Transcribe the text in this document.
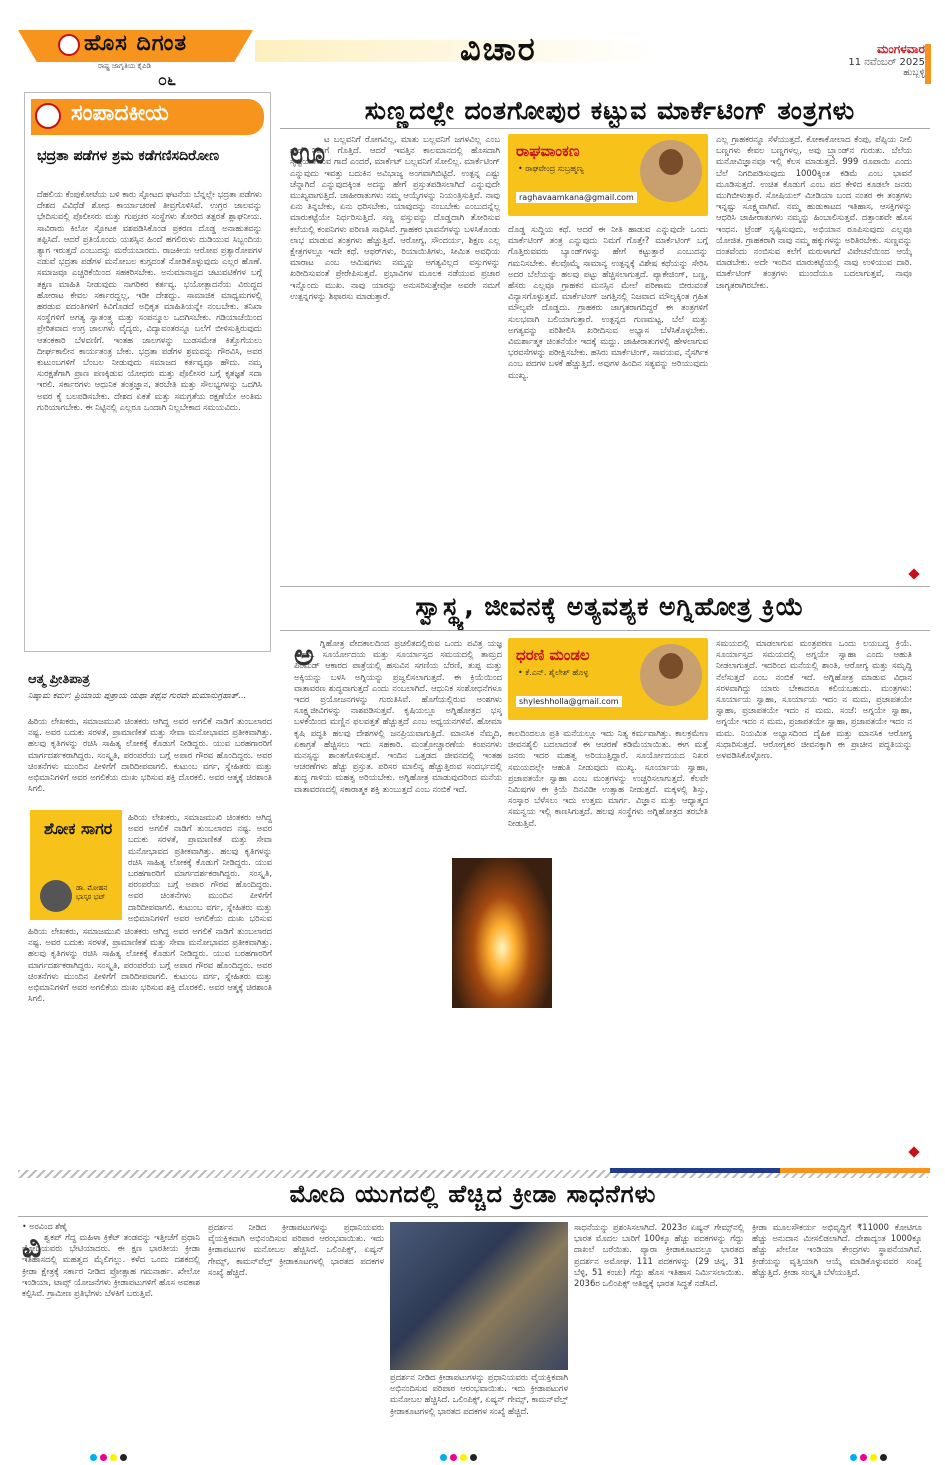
ಹೊಸ ದಿಗಂತ
ರಾಷ್ಟ್ರ ಜಾಗೃತಿಯ ಕೈಪಿಡಿ
೦೬
ವಿಚಾರ	ಮಂಗಳವಾರ
11 ನವೆಂಬರ್ 2025
ಹುಬ್ಬಳ್ಳಿ
ಸಂಪಾದಕೀಯ
ಭದ್ರತಾ ಪಡೆಗಳ ಶ್ರಮ ಕಡೆಗಣಿಸದಿರೋಣ
ದೆಹಲಿಯ ಕೆಂಪುಕೋಟೆಯ ಬಳಿ ಕಾರು ಸ್ಫೋಟದ ಘಟನೆಯ ಬೆನ್ನಲ್ಲೇ ಭದ್ರತಾ ಪಡೆಗಳು ದೇಶದ ವಿವಿಧೆಡೆ ಶೋಧ ಕಾರ್ಯಾಚರಣೆ ತೀವ್ರಗೊಳಿಸಿವೆ. ಉಗ್ರರ ಜಾಲವನ್ನು ಭೇದಿಸುವಲ್ಲಿ ಪೊಲೀಸರು ಮತ್ತು ಗುಪ್ತಚರ ಸಂಸ್ಥೆಗಳು ತೋರಿದ ತತ್ಪರತೆ ಶ್ಲಾಘನೀಯ. ಸಾವಿರಾರು ಕಿಲೋ ಸ್ಫೋಟಕ ವಶಪಡಿಸಿಕೊಂಡ ಪ್ರಕರಣ ದೊಡ್ಡ ಅನಾಹುತವನ್ನು ತಪ್ಪಿಸಿದೆ. ಆದರೆ ಪ್ರತಿಯೊಂದು ಯಶಸ್ಸಿನ ಹಿಂದೆ ಹಗಲಿರುಳು ದುಡಿಯುವ ಸಿಬ್ಬಂದಿಯ ತ್ಯಾಗ ಇರುತ್ತದೆ ಎಂಬುದನ್ನು ಮರೆಯಬಾರದು. ರಾಜಕೀಯ ಆರೋಪ ಪ್ರತ್ಯಾರೋಪಗಳ ನಡುವೆ ಭದ್ರತಾ ಪಡೆಗಳ ಮನೋಬಲ ಕುಗ್ಗದಂತೆ ನೋಡಿಕೊಳ್ಳುವುದು ಎಲ್ಲರ ಹೊಣೆ. ಸಮಾಜವೂ ಎಚ್ಚರಿಕೆಯಿಂದ ಸಹಕರಿಸಬೇಕು. ಅನುಮಾನಾಸ್ಪದ ಚಟುವಟಿಕೆಗಳ ಬಗ್ಗೆ ತಕ್ಷಣ ಮಾಹಿತಿ ನೀಡುವುದು ನಾಗರಿಕರ ಕರ್ತವ್ಯ. ಭಯೋತ್ಪಾದನೆಯ ವಿರುದ್ಧದ ಹೋರಾಟ ಕೇವಲ ಸರ್ಕಾರದ್ದಲ್ಲ, ಇಡೀ ದೇಶದ್ದು. ಸಾಮಾಜಿಕ ಮಾಧ್ಯಮಗಳಲ್ಲಿ ಹರಡುವ ವದಂತಿಗಳಿಗೆ ಕಿವಿಗೊಡದೆ ಅಧಿಕೃತ ಮಾಹಿತಿಯನ್ನೇ ನಂಬಬೇಕು. ತನಿಖಾ ಸಂಸ್ಥೆಗಳಿಗೆ ಅಗತ್ಯ ಸ್ವಾತಂತ್ರ್ಯ ಮತ್ತು ಸಂಪನ್ಮೂಲ ಒದಗಿಸಬೇಕು. ಗಡಿಯಾಚೆಯಿಂದ ಪ್ರೇರಿತವಾದ ಉಗ್ರ ಜಾಲಗಳು ವೈದ್ಯರು, ವಿದ್ಯಾವಂತರನ್ನೂ ಬಲೆಗೆ ಬೀಳಿಸುತ್ತಿರುವುದು ಆತಂಕಕಾರಿ ಬೆಳವಣಿಗೆ. ಇಂತಹ ಜಾಲಗಳನ್ನು ಬುಡಸಮೇತ ಕಿತ್ತೊಗೆಯಲು ದೀರ್ಘಕಾಲೀನ ಕಾರ್ಯತಂತ್ರ ಬೇಕು. ಭದ್ರತಾ ಪಡೆಗಳ ಶ್ರಮವನ್ನು ಗೌರವಿಸಿ, ಅವರ ಕುಟುಂಬಗಳಿಗೆ ಬೆಂಬಲ ನೀಡುವುದು ಸಮಾಜದ ಕರ್ತವ್ಯವೂ ಹೌದು. ನಮ್ಮ ಸುರಕ್ಷತೆಗಾಗಿ ಪ್ರಾಣ ಪಣಕ್ಕಿಡುವ ಯೋಧರು ಮತ್ತು ಪೊಲೀಸರ ಬಗ್ಗೆ ಕೃತಜ್ಞತೆ ಸದಾ ಇರಲಿ. ಸರ್ಕಾರಗಳು ಆಧುನಿಕ ತಂತ್ರಜ್ಞಾನ, ತರಬೇತಿ ಮತ್ತು ಸೌಲಭ್ಯಗಳನ್ನು ಒದಗಿಸಿ ಅವರ ಕೈ ಬಲಪಡಿಸಬೇಕು. ದೇಶದ ಏಕತೆ ಮತ್ತು ಸಮಗ್ರತೆಯ ರಕ್ಷಣೆಯೇ ಅಂತಿಮ ಗುರಿಯಾಗಬೇಕು. ಈ ನಿಟ್ಟಿನಲ್ಲಿ ಎಲ್ಲರೂ ಒಂದಾಗಿ ನಿಲ್ಲಬೇಕಾದ ಸಮಯವಿದು.
ಸುಣ್ಣದಲ್ಲೇ ದಂತಗೋಪುರ ಕಟ್ಟುವ ಮಾರ್ಕೆಟಿಂಗ್ ತಂತ್ರಗಳು
ಊ
ಟ ಬಲ್ಲವನಿಗೆ ರೋಗವಿಲ್ಲ, ಮಾತು ಬಲ್ಲವನಿಗೆ ಜಗಳವಿಲ್ಲ ಎಂಬ ಗಾದೆ ನಿಮಗೆ ಗೊತ್ತಿದೆ. ಆದರೆ ಇವತ್ತಿನ ಕಾಲಮಾನದಲ್ಲಿ ಹೊಸದಾಗಿ ಸೃಷ್ಟಿಯಾಗಿರುವ ಗಾದೆ ಎಂದರೆ, ಮಾರ್ಕೆಟ್ ಬಲ್ಲವನಿಗೆ ಸೋಲಿಲ್ಲ. ಮಾರ್ಕೆಟಿಂಗ್ ಎನ್ನುವುದು ಇವತ್ತು ಬದುಕಿನ ಅವಿಭಾಜ್ಯ ಅಂಗವಾಗಿಬಿಟ್ಟಿದೆ. ಉತ್ಪನ್ನ ಎಷ್ಟು ಚೆನ್ನಾಗಿದೆ ಎನ್ನುವುದಕ್ಕಿಂತ ಅದನ್ನು ಹೇಗೆ ಪ್ರಸ್ತುತಪಡಿಸಲಾಗಿದೆ ಎನ್ನುವುದೇ ಮುಖ್ಯವಾಗುತ್ತಿದೆ. ಜಾಹೀರಾತುಗಳು ನಮ್ಮ ಆಯ್ಕೆಗಳನ್ನು ನಿಯಂತ್ರಿಸುತ್ತಿವೆ. ನಾವು ಏನು ತಿನ್ನಬೇಕು, ಏನು ಧರಿಸಬೇಕು, ಯಾವುದನ್ನು ನಂಬಬೇಕು ಎಂಬುದನ್ನೆಲ್ಲ ಮಾರುಕಟ್ಟೆಯೇ ನಿರ್ಧರಿಸುತ್ತಿದೆ. ಸಣ್ಣ ವಸ್ತುವನ್ನು ದೊಡ್ಡದಾಗಿ ತೋರಿಸುವ ಕಲೆಯಲ್ಲಿ ಕಂಪನಿಗಳು ಪರಿಣತಿ ಸಾಧಿಸಿವೆ. ಗ್ರಾಹಕರ ಭಾವನೆಗಳನ್ನು ಬಳಸಿಕೊಂಡು ಲಾಭ ಮಾಡುವ ತಂತ್ರಗಳು ಹೆಚ್ಚುತ್ತಿವೆ. ಆರೋಗ್ಯ, ಸೌಂದರ್ಯ, ಶಿಕ್ಷಣ ಎಲ್ಲ ಕ್ಷೇತ್ರಗಳಲ್ಲೂ ಇದೇ ಕಥೆ. ಆಫರ್‌ಗಳು, ರಿಯಾಯಿತಿಗಳು, ಸೀಮಿತ ಅವಧಿಯ ಮಾರಾಟ ಎಂಬ ಆಮಿಷಗಳು ನಮ್ಮನ್ನು ಅಗತ್ಯವಿಲ್ಲದ ವಸ್ತುಗಳನ್ನು ಖರೀದಿಸುವಂತೆ ಪ್ರೇರೇಪಿಸುತ್ತವೆ. ಪ್ರಭಾವಿಗಳ ಮೂಲಕ ನಡೆಯುವ ಪ್ರಚಾರ ಇನ್ನೊಂದು ಮುಖ. ನಾವು ಯಾರನ್ನು ಅನುಸರಿಸುತ್ತೇವೋ ಅವರೇ ನಮಗೆ ಉತ್ಪನ್ನಗಳನ್ನು ಶಿಫಾರಸು ಮಾಡುತ್ತಾರೆ.
ರಾಘವಾಂಕಣ
• ರಾಘವೇಂದ್ರ ಸುಬ್ರಹ್ಮಣ್ಯ
raghavaamkana@gmail.com
ದೊಡ್ಡ ಸುದ್ದಿಯ ಕಥೆ. ಆದರೆ ಈ ನೀತಿ ಹಾಡುವ ಎನ್ನುವುದೇ ಒಂದು ಮಾರ್ಕೆಟಿಂಗ್ ತಂತ್ರ ಎನ್ನುವುದು ನಿಮಗೆ ಗೊತ್ತೇ? ಮಾರ್ಕೆಟಿಂಗ್ ಬಗ್ಗೆ ಗೊತ್ತಿರುವವರು ಬ್ಯಾಂಡ್‌ಗಳನ್ನು ಹೇಗೆ ಕಟ್ಟುತ್ತಾರೆ ಎಂಬುದನ್ನು ಗಮನಿಸಬೇಕು. ಕೆಲವೊಮ್ಮೆ ಸಾಮಾನ್ಯ ಉತ್ಪನ್ನಕ್ಕೆ ವಿಶೇಷ ಕಥೆಯನ್ನು ಸೇರಿಸಿ ಅದರ ಬೆಲೆಯನ್ನು ಹಲವು ಪಟ್ಟು ಹೆಚ್ಚಿಸಲಾಗುತ್ತದೆ. ಪ್ಯಾಕೇಜಿಂಗ್, ಬಣ್ಣ, ಹೆಸರು ಎಲ್ಲವೂ ಗ್ರಾಹಕನ ಮನಸ್ಸಿನ ಮೇಲೆ ಪರಿಣಾಮ ಬೀರುವಂತೆ ವಿನ್ಯಾಸಗೊಳ್ಳುತ್ತವೆ. ಮಾರ್ಕೆಟಿಂಗ್ ಜಗತ್ತಿನಲ್ಲಿ ನಿಜವಾದ ಮೌಲ್ಯಕ್ಕಿಂತ ಗ್ರಹಿತ ಮೌಲ್ಯವೇ ದೊಡ್ಡದು. ಗ್ರಾಹಕರು ಜಾಗೃತರಾಗದಿದ್ದರೆ ಈ ತಂತ್ರಗಳಿಗೆ ಸುಲಭವಾಗಿ ಬಲಿಯಾಗುತ್ತಾರೆ. ಉತ್ಪನ್ನದ ಗುಣಮಟ್ಟ, ಬೆಲೆ ಮತ್ತು ಅಗತ್ಯವನ್ನು ಪರಿಶೀಲಿಸಿ ಖರೀದಿಸುವ ಅಭ್ಯಾಸ ಬೆಳೆಸಿಕೊಳ್ಳಬೇಕು. ವಿಮರ್ಶಾತ್ಮಕ ಚಿಂತನೆಯೇ ಇದಕ್ಕೆ ಮದ್ದು. ಜಾಹೀರಾತುಗಳಲ್ಲಿ ಹೇಳಲಾಗುವ ಭರವಸೆಗಳನ್ನು ಪರೀಕ್ಷಿಸಬೇಕು. ಹಸಿರು ಮಾರ್ಕೆಟಿಂಗ್, ಸಾವಯವ, ನೈಸರ್ಗಿಕ ಎಂಬ ಪದಗಳ ಬಳಕೆ ಹೆಚ್ಚುತ್ತಿದೆ. ಅವುಗಳ ಹಿಂದಿನ ಸತ್ಯವನ್ನು ಅರಿಯುವುದು ಮುಖ್ಯ.
ಎಲ್ಲ ಗ್ರಾಹಕರನ್ನೂ ಸೆಳೆಯುತ್ತದೆ. ಕೋಕಾಕೋಲಾದ ಕೆಂಪು, ಪೆಪ್ಸಿಯ ನೀಲಿ ಬಣ್ಣಗಳು ಕೇವಲ ಬಣ್ಣಗಳಲ್ಲ, ಅವು ಬ್ರ್ಯಾಂಡ್‌ನ ಗುರುತು. ಬೆಲೆಯ ಮನೋವಿಜ್ಞಾನವೂ ಇಲ್ಲಿ ಕೆಲಸ ಮಾಡುತ್ತದೆ. 999 ರೂಪಾಯಿ ಎಂದು ಬೆಲೆ ನಿಗದಿಪಡಿಸುವುದು 1000ಕ್ಕಿಂತ ಕಡಿಮೆ ಎಂಬ ಭಾವನೆ ಮೂಡಿಸುತ್ತದೆ. ಉಚಿತ ಕೊಡುಗೆ ಎಂಬ ಪದ ಕೇಳಿದ ಕೂಡಲೇ ಜನರು ಮುಗಿಬೀಳುತ್ತಾರೆ. ಸೋಷಿಯಲ್ ಮೀಡಿಯಾ ಬಂದ ನಂತರ ಈ ತಂತ್ರಗಳು ಇನ್ನಷ್ಟು ಸೂಕ್ಷ್ಮವಾಗಿವೆ. ನಮ್ಮ ಹುಡುಕಾಟದ ಇತಿಹಾಸ, ಆಸಕ್ತಿಗಳನ್ನು ಆಧರಿಸಿ ಜಾಹೀರಾತುಗಳು ನಮ್ಮನ್ನು ಹಿಂಬಾಲಿಸುತ್ತವೆ. ದತ್ತಾಂಶವೇ ಹೊಸ ಇಂಧನ. ಟ್ರೆಂಡ್ ಸೃಷ್ಟಿಸುವುದು, ಅಭಿಯಾನ ರೂಪಿಸುವುದು ಎಲ್ಲವೂ ಯೋಜಿತ. ಗ್ರಾಹಕರಾಗಿ ನಾವು ನಮ್ಮ ಹಕ್ಕುಗಳನ್ನು ಅರಿತಿರಬೇಕು. ಸುಣ್ಣವನ್ನು ದಂತವೆಂದು ನಂಬಿಸುವ ಕಲೆಗೆ ಮರುಳಾಗದೆ ವಿವೇಚನೆಯಿಂದ ಆಯ್ಕೆ ಮಾಡಬೇಕು. ಅದೇ ಇಂದಿನ ಮಾರುಕಟ್ಟೆಯಲ್ಲಿ ನಾವು ಉಳಿಯುವ ದಾರಿ. ಮಾರ್ಕೆಟಿಂಗ್ ತಂತ್ರಗಳು ಮುಂದೆಯೂ ಬದಲಾಗುತ್ತವೆ, ನಾವೂ ಜಾಗೃತರಾಗಿರಬೇಕು.
ಸ್ವಾಸ್ಥ್ಯ, ಜೀವನಕ್ಕೆ ಅತ್ಯವಶ್ಯಕ ಅಗ್ನಿಹೋತ್ರ ಕ್ರಿಯೆ
ಅ ಗ್ನಿಹೋತ್ರ ವೇದಕಾಲದಿಂದ ಪ್ರಚಲಿತದಲ್ಲಿರುವ ಒಂದು ಪವಿತ್ರ ಯಜ್ಞ ವಿಧಾನ. ಸೂರ್ಯೋದಯ ಮತ್ತು ಸೂರ್ಯಾಸ್ತದ ಸಮಯದಲ್ಲಿ ತಾಮ್ರದ ಪಿರಮಿಡ್ ಆಕಾರದ ಪಾತ್ರೆಯಲ್ಲಿ ಹಸುವಿನ ಸಗಣಿಯ ಬೆರಣಿ, ತುಪ್ಪ ಮತ್ತು ಅಕ್ಕಿಯನ್ನು ಬಳಸಿ ಅಗ್ನಿಯನ್ನು ಪ್ರಜ್ವಲಿಸಲಾಗುತ್ತದೆ. ಈ ಕ್ರಿಯೆಯಿಂದ ವಾತಾವರಣ ಶುದ್ಧವಾಗುತ್ತದೆ ಎಂದು ನಂಬಲಾಗಿದೆ. ಆಧುನಿಕ ಸಂಶೋಧನೆಗಳೂ ಇದರ ಪ್ರಯೋಜನಗಳನ್ನು ಗುರುತಿಸಿವೆ. ಹೊಗೆಯಲ್ಲಿರುವ ಅಂಶಗಳು ಸೂಕ್ಷ್ಮಜೀವಿಗಳನ್ನು ನಾಶಪಡಿಸುತ್ತವೆ. ಕೃಷಿಯಲ್ಲೂ ಅಗ್ನಿಹೋತ್ರದ ಭಸ್ಮ ಬಳಕೆಯಿಂದ ಮಣ್ಣಿನ ಫಲವತ್ತತೆ ಹೆಚ್ಚುತ್ತದೆ ಎಂಬ ಅಧ್ಯಯನಗಳಿವೆ. ಹೋಮಾ ಕೃಷಿ ಪದ್ಧತಿ ಹಲವು ದೇಶಗಳಲ್ಲಿ ಜನಪ್ರಿಯವಾಗುತ್ತಿದೆ. ಮಾನಸಿಕ ನೆಮ್ಮದಿ, ಏಕಾಗ್ರತೆ ಹೆಚ್ಚಿಸಲು ಇದು ಸಹಕಾರಿ. ಮಂತ್ರೋಚ್ಚಾರಣೆಯ ಕಂಪನಗಳು ಮನಸ್ಸನ್ನು ಶಾಂತಗೊಳಿಸುತ್ತವೆ. ಇಂದಿನ ಒತ್ತಡದ ಜೀವನದಲ್ಲಿ ಇಂತಹ ಆಚರಣೆಗಳು ಹೆಚ್ಚು ಪ್ರಸ್ತುತ. ಪರಿಸರ ಮಾಲಿನ್ಯ ಹೆಚ್ಚುತ್ತಿರುವ ಸಂದರ್ಭದಲ್ಲಿ ಶುದ್ಧ ಗಾಳಿಯ ಮಹತ್ವ ಅರಿಯಬೇಕು. ಅಗ್ನಿಹೋತ್ರ ಮಾಡುವುದರಿಂದ ಮನೆಯ ವಾತಾವರಣದಲ್ಲಿ ಸಕಾರಾತ್ಮಕ ಶಕ್ತಿ ತುಂಬುತ್ತದೆ ಎಂಬ ನಂಬಿಕೆ ಇದೆ.
ಧರಣಿ ಮಂಡಲ
• ಕೆ.ಎನ್. ಶೈಲೇಶ್ ಹೊಳ್ಳ
shyleshholla@gmail.com
ಕಾಲದಿಂದಲೂ ಪ್ರತಿ ಮನೆಯಲ್ಲೂ ಇದು ನಿತ್ಯ ಕರ್ಮವಾಗಿತ್ತು. ಕಾಲಕ್ರಮೇಣ ಜೀವನಶೈಲಿ ಬದಲಾದಂತೆ ಈ ಆಚರಣೆ ಕಡಿಮೆಯಾಯಿತು. ಈಗ ಮತ್ತೆ ಜನರು ಇದರ ಮಹತ್ವ ಅರಿಯುತ್ತಿದ್ದಾರೆ. ಸೂರ್ಯೋದಯದ ನಿಖರ ಸಮಯದಲ್ಲೇ ಆಹುತಿ ನೀಡುವುದು ಮುಖ್ಯ. ಸೂರ್ಯಾಯ ಸ್ವಾಹಾ, ಪ್ರಜಾಪತಯೇ ಸ್ವಾಹಾ ಎಂಬ ಮಂತ್ರಗಳನ್ನು ಉಚ್ಚರಿಸಲಾಗುತ್ತದೆ. ಕೆಲವೇ ನಿಮಿಷಗಳ ಈ ಕ್ರಿಯೆ ದಿನವಿಡೀ ಉತ್ಸಾಹ ನೀಡುತ್ತದೆ. ಮಕ್ಕಳಲ್ಲಿ ಶಿಸ್ತು, ಸಂಸ್ಕಾರ ಬೆಳೆಸಲು ಇದು ಉತ್ತಮ ಮಾರ್ಗ. ವಿಜ್ಞಾನ ಮತ್ತು ಆಧ್ಯಾತ್ಮದ ಸಮನ್ವಯ ಇಲ್ಲಿ ಕಾಣಸಿಗುತ್ತದೆ. ಹಲವು ಸಂಸ್ಥೆಗಳು ಅಗ್ನಿಹೋತ್ರದ ತರಬೇತಿ ನೀಡುತ್ತಿವೆ.
ಸಮಯದಲ್ಲಿ ಮಾಡಲಾಗುವ ಮಂತ್ರಪಠಣ ಒಂದು ಲಯಬದ್ಧ ಕ್ರಿಯೆ. ಸೂರ್ಯಾಸ್ತದ ಸಮಯದಲ್ಲಿ ಅಗ್ನಯೇ ಸ್ವಾಹಾ ಎಂದು ಆಹುತಿ ನೀಡಲಾಗುತ್ತದೆ. ಇದರಿಂದ ಮನೆಯಲ್ಲಿ ಶಾಂತಿ, ಆರೋಗ್ಯ ಮತ್ತು ಸಮೃದ್ಧಿ ನೆಲೆಸುತ್ತದೆ ಎಂಬ ನಂಬಿಕೆ ಇದೆ. ಅಗ್ನಿಹೋತ್ರ ಮಾಡುವ ವಿಧಾನ ಸರಳವಾಗಿದ್ದು ಯಾರು ಬೇಕಾದರೂ ಕಲಿಯಬಹುದು. ಮಂತ್ರಗಳು: ಸೂರ್ಯಾಯ ಸ್ವಾಹಾ, ಸೂರ್ಯಾಯ ಇದಂ ನ ಮಮ, ಪ್ರಜಾಪತಯೇ ಸ್ವಾಹಾ, ಪ್ರಜಾಪತಯೇ ಇದಂ ನ ಮಮ. ಸಂಜೆ: ಅಗ್ನಯೇ ಸ್ವಾಹಾ, ಅಗ್ನಯೇ ಇದಂ ನ ಮಮ, ಪ್ರಜಾಪತಯೇ ಸ್ವಾಹಾ, ಪ್ರಜಾಪತಯೇ ಇದಂ ನ ಮಮ. ನಿಯಮಿತ ಅಭ್ಯಾಸದಿಂದ ದೈಹಿಕ ಮತ್ತು ಮಾನಸಿಕ ಆರೋಗ್ಯ ಸುಧಾರಿಸುತ್ತದೆ. ಆರೋಗ್ಯಕರ ಜೀವನಕ್ಕಾಗಿ ಈ ಪ್ರಾಚೀನ ಪದ್ಧತಿಯನ್ನು ಅಳವಡಿಸಿಕೊಳ್ಳೋಣ.
ಆತ್ಮ ಪ್ರೀತಿಪಾತ್ರ
ನಿಷ್ಕಾಮ ಕರ್ಮ: ಪ್ರಿಯಾಯ ಪುತ್ರಾಯ ಯಥಾ ತಥೈವ ಗುರವೇ ಮಮಾನುಗ್ರಹಾತ್...
ಹಿರಿಯ ಲೇಖಕರು, ಸಮಾಜಮುಖಿ ಚಿಂತಕರು ಆಗಿದ್ದ ಅವರ ಅಗಲಿಕೆ ನಾಡಿಗೆ ತುಂಬಲಾರದ ನಷ್ಟ. ಅವರ ಬದುಕು ಸರಳತೆ, ಪ್ರಾಮಾಣಿಕತೆ ಮತ್ತು ಸೇವಾ ಮನೋಭಾವದ ಪ್ರತೀಕವಾಗಿತ್ತು. ಹಲವು ಕೃತಿಗಳನ್ನು ರಚಿಸಿ ಸಾಹಿತ್ಯ ಲೋಕಕ್ಕೆ ಕೊಡುಗೆ ನೀಡಿದ್ದರು. ಯುವ ಬರಹಗಾರರಿಗೆ ಮಾರ್ಗದರ್ಶಕರಾಗಿದ್ದರು. ಸಂಸ್ಕೃತಿ, ಪರಂಪರೆಯ ಬಗ್ಗೆ ಅಪಾರ ಗೌರವ ಹೊಂದಿದ್ದರು. ಅವರ ಚಿಂತನೆಗಳು ಮುಂದಿನ ಪೀಳಿಗೆಗೆ ದಾರಿದೀಪವಾಗಲಿ. ಕುಟುಂಬ ವರ್ಗ, ಸ್ನೇಹಿತರು ಮತ್ತು ಅಭಿಮಾನಿಗಳಿಗೆ ಅವರ ಅಗಲಿಕೆಯ ದುಃಖ ಭರಿಸುವ ಶಕ್ತಿ ದೊರಕಲಿ. ಅವರ ಆತ್ಮಕ್ಕೆ ಚಿರಶಾಂತಿ ಸಿಗಲಿ.
ಶೋಕ ಸಾಗರ
ಡಾ. ಮೋಹನ ಭಾಸ್ಕರ ಭಟ್
ಹಿರಿಯ ಲೇಖಕರು, ಸಮಾಜಮುಖಿ ಚಿಂತಕರು ಆಗಿದ್ದ ಅವರ ಅಗಲಿಕೆ ನಾಡಿಗೆ ತುಂಬಲಾರದ ನಷ್ಟ. ಅವರ ಬದುಕು ಸರಳತೆ, ಪ್ರಾಮಾಣಿಕತೆ ಮತ್ತು ಸೇವಾ ಮನೋಭಾವದ ಪ್ರತೀಕವಾಗಿತ್ತು. ಹಲವು ಕೃತಿಗಳನ್ನು ರಚಿಸಿ ಸಾಹಿತ್ಯ ಲೋಕಕ್ಕೆ ಕೊಡುಗೆ ನೀಡಿದ್ದರು. ಯುವ ಬರಹಗಾರರಿಗೆ ಮಾರ್ಗದರ್ಶಕರಾಗಿದ್ದರು. ಸಂಸ್ಕೃತಿ, ಪರಂಪರೆಯ ಬಗ್ಗೆ ಅಪಾರ ಗೌರವ ಹೊಂದಿದ್ದರು. ಅವರ ಚಿಂತನೆಗಳು ಮುಂದಿನ ಪೀಳಿಗೆಗೆ ದಾರಿದೀಪವಾಗಲಿ. ಕುಟುಂಬ ವರ್ಗ, ಸ್ನೇಹಿತರು ಮತ್ತು ಅಭಿಮಾನಿಗಳಿಗೆ ಅವರ ಅಗಲಿಕೆಯ ದುಃಖ ಭರಿಸುವ
ಹಿರಿಯ ಲೇಖಕರು, ಸಮಾಜಮುಖಿ ಚಿಂತಕರು ಆಗಿದ್ದ ಅವರ ಅಗಲಿಕೆ ನಾಡಿಗೆ ತುಂಬಲಾರದ ನಷ್ಟ. ಅವರ ಬದುಕು ಸರಳತೆ, ಪ್ರಾಮಾಣಿಕತೆ ಮತ್ತು ಸೇವಾ ಮನೋಭಾವದ ಪ್ರತೀಕವಾಗಿತ್ತು. ಹಲವು ಕೃತಿಗಳನ್ನು ರಚಿಸಿ ಸಾಹಿತ್ಯ ಲೋಕಕ್ಕೆ ಕೊಡುಗೆ ನೀಡಿದ್ದರು. ಯುವ ಬರಹಗಾರರಿಗೆ ಮಾರ್ಗದರ್ಶಕರಾಗಿದ್ದರು. ಸಂಸ್ಕೃತಿ, ಪರಂಪರೆಯ ಬಗ್ಗೆ ಅಪಾರ ಗೌರವ ಹೊಂದಿದ್ದರು. ಅವರ ಚಿಂತನೆಗಳು ಮುಂದಿನ ಪೀಳಿಗೆಗೆ ದಾರಿದೀಪವಾಗಲಿ. ಕುಟುಂಬ ವರ್ಗ, ಸ್ನೇಹಿತರು ಮತ್ತು ಅಭಿಮಾನಿಗಳಿಗೆ ಅವರ ಅಗಲಿಕೆಯ ದುಃಖ ಭರಿಸುವ ಶಕ್ತಿ ದೊರಕಲಿ. ಅವರ ಆತ್ಮಕ್ಕೆ ಚಿರಶಾಂತಿ ಸಿಗಲಿ.
ಮೋದಿ ಯುಗದಲ್ಲಿ ಹೆಚ್ಚಿದ ಕ್ರೀಡಾ ಸಾಧನೆಗಳು
• ಅರವಿಂದ ಶೆಣೈ
ವಿ ಶ್ವಕಪ್ ಗೆದ್ದ ಮಹಿಳಾ ಕ್ರಿಕೆಟ್ ತಂಡವನ್ನು ಇತ್ತೀಚೆಗೆ ಪ್ರಧಾನಿ ಮೋದಿಯವರು ಭೇಟಿಯಾದರು. ಈ ಕ್ಷಣ ಭಾರತೀಯ ಕ್ರೀಡಾ ಇತಿಹಾಸದಲ್ಲಿ ಮಹತ್ವದ ಮೈಲಿಗಲ್ಲು. ಕಳೆದ ಒಂದು ದಶಕದಲ್ಲಿ ಕ್ರೀಡಾ ಕ್ಷೇತ್ರಕ್ಕೆ ಸರ್ಕಾರ ನೀಡಿದ ಪ್ರೋತ್ಸಾಹ ಗಮನಾರ್ಹ. ಖೇಲೋ ಇಂಡಿಯಾ, ಟಾಪ್ಸ್ ಯೋಜನೆಗಳು ಕ್ರೀಡಾಪಟುಗಳಿಗೆ ಹೊಸ ಅವಕಾಶ ಕಲ್ಪಿಸಿವೆ. ಗ್ರಾಮೀಣ ಪ್ರತಿಭೆಗಳು ಬೆಳಕಿಗೆ ಬರುತ್ತಿವೆ.
ಪ್ರದರ್ಶನ ನೀಡಿದ ಕ್ರೀಡಾಪಟುಗಳನ್ನು ಪ್ರಧಾನಿಯವರು ವೈಯಕ್ತಿಕವಾಗಿ ಅಭಿನಂದಿಸುವ ಪರಿಪಾಠ ಆರಂಭವಾಯಿತು. ಇದು ಕ್ರೀಡಾಪಟುಗಳ ಮನೋಬಲ ಹೆಚ್ಚಿಸಿದೆ. ಒಲಿಂಪಿಕ್ಸ್, ಏಷ್ಯನ್ ಗೇಮ್ಸ್, ಕಾಮನ್‌ವೆಲ್ತ್ ಕ್ರೀಡಾಕೂಟಗಳಲ್ಲಿ ಭಾರತದ ಪದಕಗಳ ಸಂಖ್ಯೆ ಹೆಚ್ಚಿದೆ.
ಪ್ರದರ್ಶನ ನೀಡಿದ ಕ್ರೀಡಾಪಟುಗಳನ್ನು ಪ್ರಧಾನಿಯವರು ವೈಯಕ್ತಿಕವಾಗಿ ಅಭಿನಂದಿಸುವ ಪರಿಪಾಠ ಆರಂಭವಾಯಿತು. ಇದು ಕ್ರೀಡಾಪಟುಗಳ ಮನೋಬಲ ಹೆಚ್ಚಿಸಿದೆ. ಒಲಿಂಪಿಕ್ಸ್, ಏಷ್ಯನ್ ಗೇಮ್ಸ್, ಕಾಮನ್‌ವೆಲ್ತ್ ಕ್ರೀಡಾಕೂಟಗಳಲ್ಲಿ ಭಾರತದ ಪದಕಗಳ ಸಂಖ್ಯೆ ಹೆಚ್ಚಿದೆ.
ಸಾಧನೆಯನ್ನು ಪ್ರಶಂಸಿಸಲಾಗಿದೆ. 2023ರ ಏಷ್ಯನ್ ಗೇಮ್ಸ್‌ನಲ್ಲಿ ಭಾರತ ಮೊದಲ ಬಾರಿಗೆ 100ಕ್ಕೂ ಹೆಚ್ಚು ಪದಕಗಳನ್ನು ಗೆದ್ದು ದಾಖಲೆ ಬರೆಯಿತು. ಪ್ಯಾರಾ ಕ್ರೀಡಾಕೂಟದಲ್ಲೂ ಭಾರತದ ಪ್ರದರ್ಶನ ಅಮೋಘ. 111 ಪದಕಗಳನ್ನು (29 ಚಿನ್ನ, 31 ಬೆಳ್ಳಿ, 51 ಕಂಚು) ಗೆದ್ದು ಹೊಸ ಇತಿಹಾಸ ನಿರ್ಮಿಸಲಾಯಿತು. 2036ರ ಒಲಿಂಪಿಕ್ಸ್ ಆತಿಥ್ಯಕ್ಕೆ ಭಾರತ ಸಿದ್ಧತೆ ನಡೆಸಿದೆ.
ಕ್ರೀಡಾ ಮೂಲಸೌಕರ್ಯ ಅಭಿವೃದ್ಧಿಗೆ ₹11000 ಕೋಟಿಗೂ ಹೆಚ್ಚು ಅನುದಾನ ಮೀಸಲಿಡಲಾಗಿದೆ. ದೇಶಾದ್ಯಂತ 1000ಕ್ಕೂ ಹೆಚ್ಚು ಖೇಲೋ ಇಂಡಿಯಾ ಕೇಂದ್ರಗಳು ಸ್ಥಾಪನೆಯಾಗಿವೆ. ಕ್ರೀಡೆಯನ್ನು ವೃತ್ತಿಯಾಗಿ ಆಯ್ಕೆ ಮಾಡಿಕೊಳ್ಳುವವರ ಸಂಖ್ಯೆ ಹೆಚ್ಚುತ್ತಿದೆ. ಕ್ರೀಡಾ ಸಂಸ್ಕೃತಿ ಬೆಳೆಯುತ್ತಿದೆ.
